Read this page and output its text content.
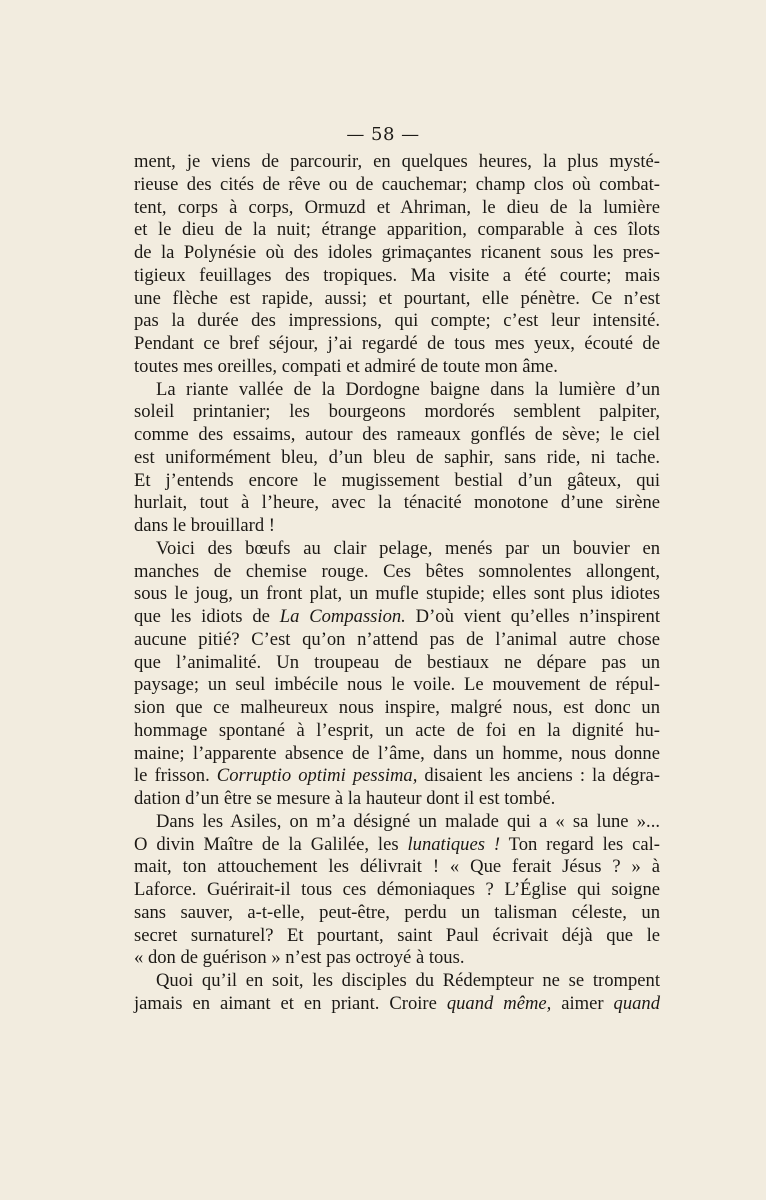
— 58 —
ment, je viens de parcourir, en quelques heures, la plus mysté-
rieuse des cités de rêve ou de cauchemar; champ clos où combat-
tent, corps à corps, Ormuzd et Ahriman, le dieu de la lumière
et le dieu de la nuit; étrange apparition, comparable à ces îlots
de la Polynésie où des idoles grimaçantes ricanent sous les pres-
tigieux feuillages des tropiques. Ma visite a été courte; mais
une flèche est rapide, aussi; et pourtant, elle pénètre. Ce n’est
pas la durée des impressions, qui compte; c’est leur intensité.
Pendant ce bref séjour, j’ai regardé de tous mes yeux, écouté de
toutes mes oreilles, compati et admiré de toute mon âme.
La riante vallée de la Dordogne baigne dans la lumière d’un
soleil printanier; les bourgeons mordorés semblent palpiter,
comme des essaims, autour des rameaux gonflés de sève; le ciel
est uniformément bleu, d’un bleu de saphir, sans ride, ni tache.
Et j’entends encore le mugissement bestial d’un gâteux, qui
hurlait, tout à l’heure, avec la ténacité monotone d’une sirène
dans le brouillard !
Voici des bœufs au clair pelage, menés par un bouvier en
manches de chemise rouge. Ces bêtes somnolentes allongent,
sous le joug, un front plat, un mufle stupide; elles sont plus idiotes
que les idiots de La Compassion. D’où vient qu’elles n’inspirent
aucune pitié? C’est qu’on n’attend pas de l’animal autre chose
que l’animalité. Un troupeau de bestiaux ne dépare pas un
paysage; un seul imbécile nous le voile. Le mouvement de répul-
sion que ce malheureux nous inspire, malgré nous, est donc un
hommage spontané à l’esprit, un acte de foi en la dignité hu-
maine; l’apparente absence de l’âme, dans un homme, nous donne
le frisson. Corruptio optimi pessima, disaient les anciens : la dégra-
dation d’un être se mesure à la hauteur dont il est tombé.
Dans les Asiles, on m’a désigné un malade qui a « sa lune »...
O divin Maître de la Galilée, les lunatiques ! Ton regard les cal-
mait, ton attouchement les délivrait ! « Que ferait Jésus ? » à
Laforce. Guérirait-il tous ces démoniaques ? L’Église qui soigne
sans sauver, a-t-elle, peut-être, perdu un talisman céleste, un
secret surnaturel? Et pourtant, saint Paul écrivait déjà que le
« don de guérison » n’est pas octroyé à tous.
Quoi qu’il en soit, les disciples du Rédempteur ne se trompent
jamais en aimant et en priant. Croire quand même, aimer quand
